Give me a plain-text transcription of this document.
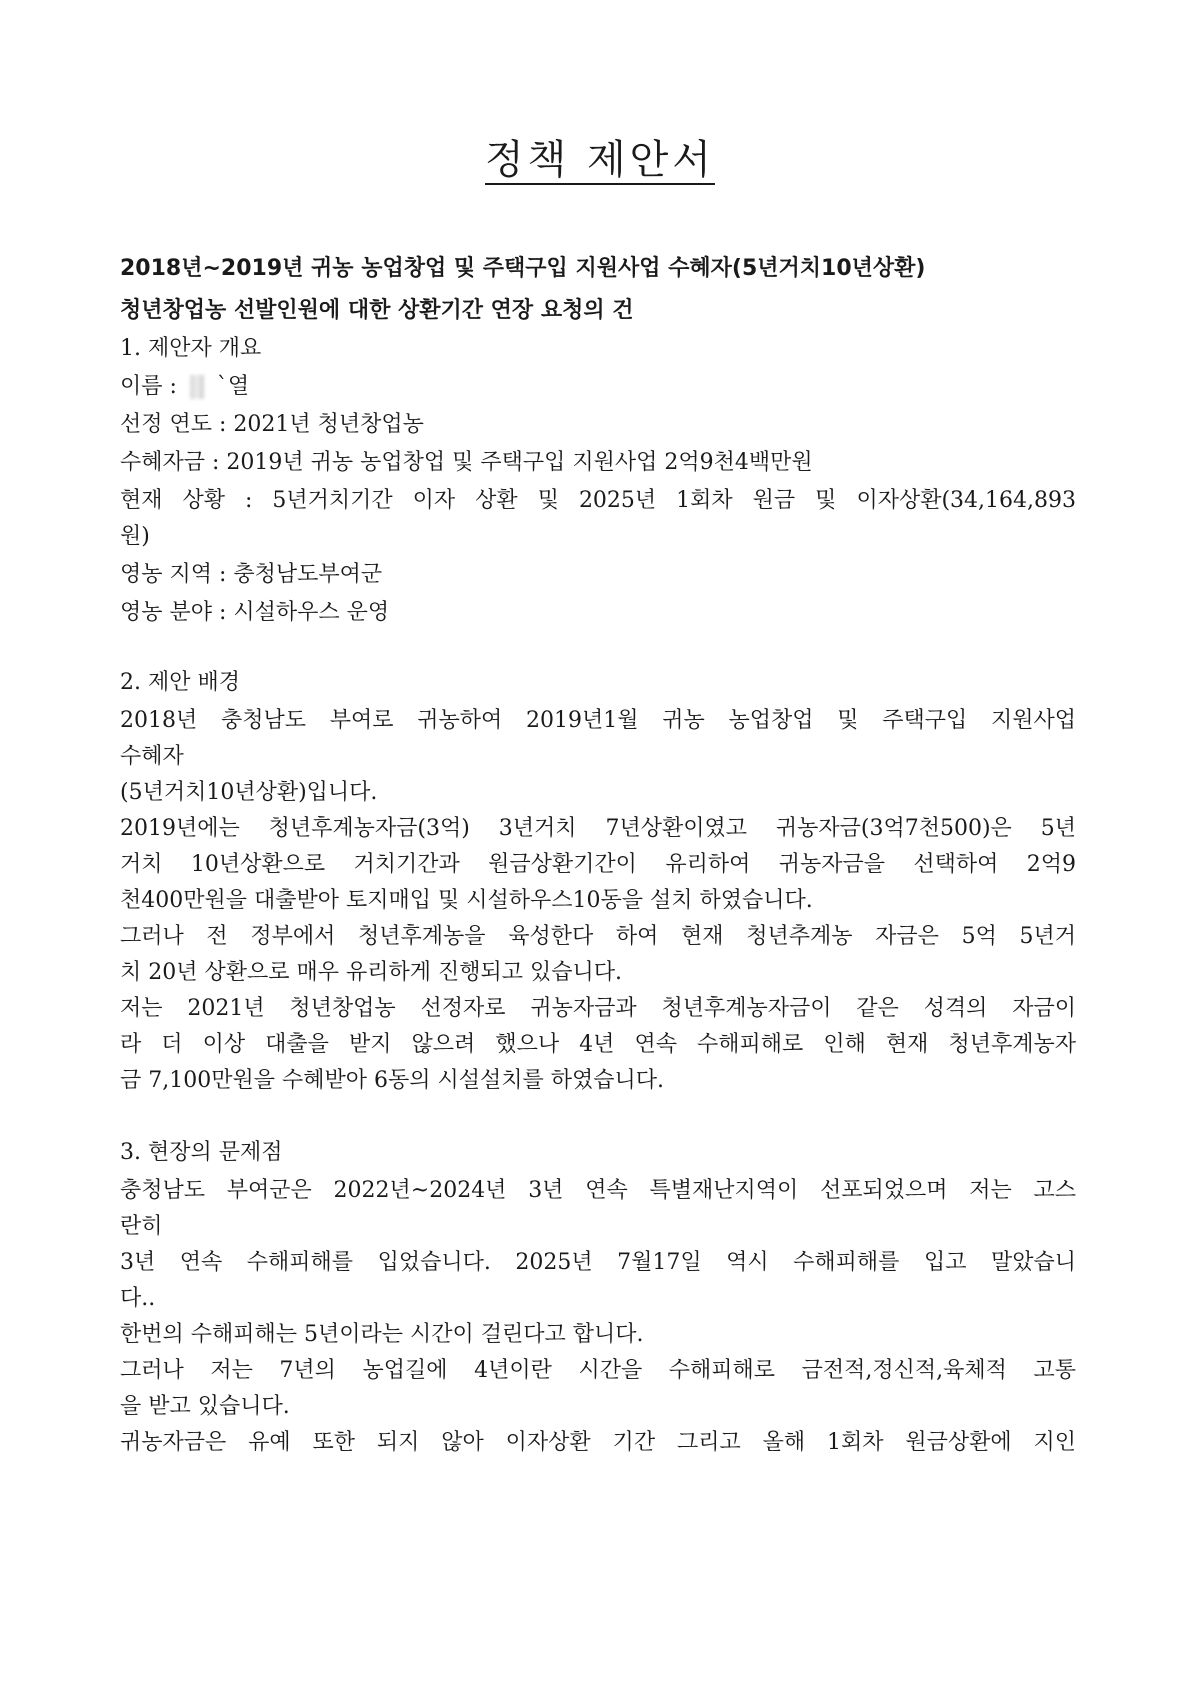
정책 제안서
2018년~2019년 귀농 농업창업 및 주택구입 지원사업 수혜자(5년거치10년상환)
청년창업농 선발인원에 대한 상환기간 연장 요청의 건
1. 제안자 개요
이름 : `열
선정 연도 : 2021년 청년창업농
수혜자금 : 2019년 귀농 농업창업 및 주택구입 지원사업 2억9천4백만원
현재 상황 : 5년거치기간 이자 상환 및 2025년 1회차 원금 및 이자상환(34,164,893
원)
영농 지역 : 충청남도부여군
영농 분야 : 시설하우스 운영
2. 제안 배경
2018년 충청남도 부여로 귀농하여 2019년1월 귀농 농업창업 및 주택구입 지원사업
수혜자
(5년거치10년상환)입니다.
2019년에는 청년후계농자금(3억) 3년거치 7년상환이였고 귀농자금(3억7천500)은 5년
거치 10년상환으로 거치기간과 원금상환기간이 유리하여 귀농자금을 선택하여 2억9
천400만원을 대출받아 토지매입 및 시설하우스10동을 설치 하였습니다.
그러나 전 정부에서 청년후계농을 육성한다 하여 현재 청년추계농 자금은 5억 5년거
치 20년 상환으로 매우 유리하게 진행되고 있습니다.
저는 2021년 청년창업농 선정자로 귀농자금과 청년후계농자금이 같은 성격의 자금이
라 더 이상 대출을 받지 않으려 했으나 4년 연속 수해피해로 인해 현재 청년후계농자
금 7,100만원을 수혜받아 6동의 시설설치를 하였습니다.
3. 현장의 문제점
충청남도 부여군은 2022년~2024년 3년 연속 특별재난지역이 선포되었으며 저는 고스
란히
3년 연속 수해피해를 입었습니다. 2025년 7월17일 역시 수해피해를 입고 말았습니
다..
한번의 수해피해는 5년이라는 시간이 걸린다고 합니다.
그러나 저는 7년의 농업길에 4년이란 시간을 수해피해로 금전적,정신적,육체적 고통
을 받고 있습니다.
귀농자금은 유예 또한 되지 않아 이자상환 기간 그리고 올해 1회차 원금상환에 지인
